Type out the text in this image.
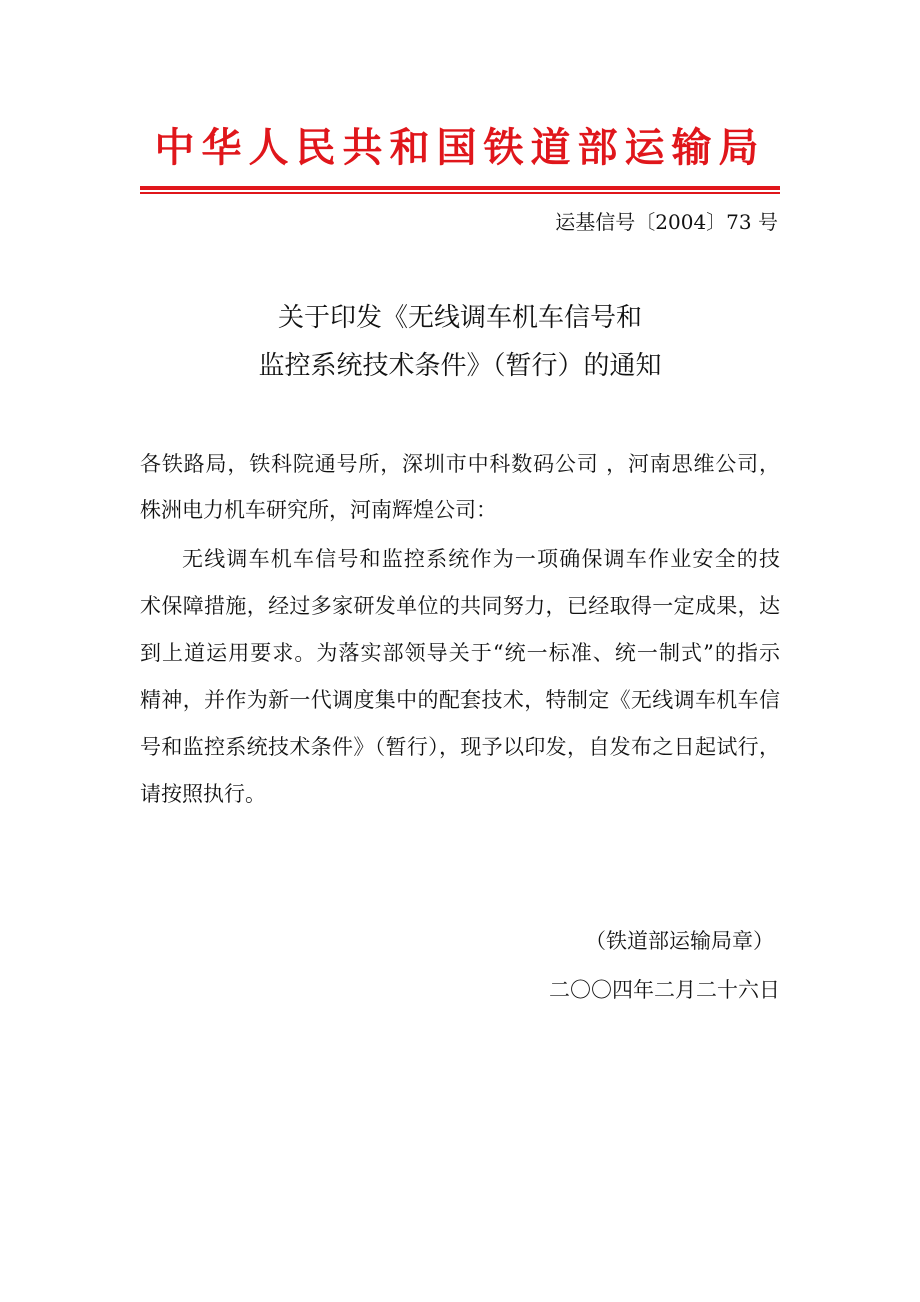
中华人民共和国铁道部运输局
运基信号〔2004〕73 号
关于印发《无线调车机车信号和
监控系统技术条件》（暂行）的通知
各铁路局，铁科院通号所，深圳市中科数码公司 ，河南思维公司，
株洲电力机车研究所，河南辉煌公司：
无线调车机车信号和监控系统作为一项确保调车作业安全的技
术保障措施，经过多家研发单位的共同努力，已经取得一定成果，达
到上道运用要求。为落实部领导关于“统一标准、统一制式”的指示
精神，并作为新一代调度集中的配套技术，特制定《无线调车机车信
号和监控系统技术条件》（暂行），现予以印发，自发布之日起试行，
请按照执行。
（铁道部运输局章）
二〇〇四年二月二十六日
